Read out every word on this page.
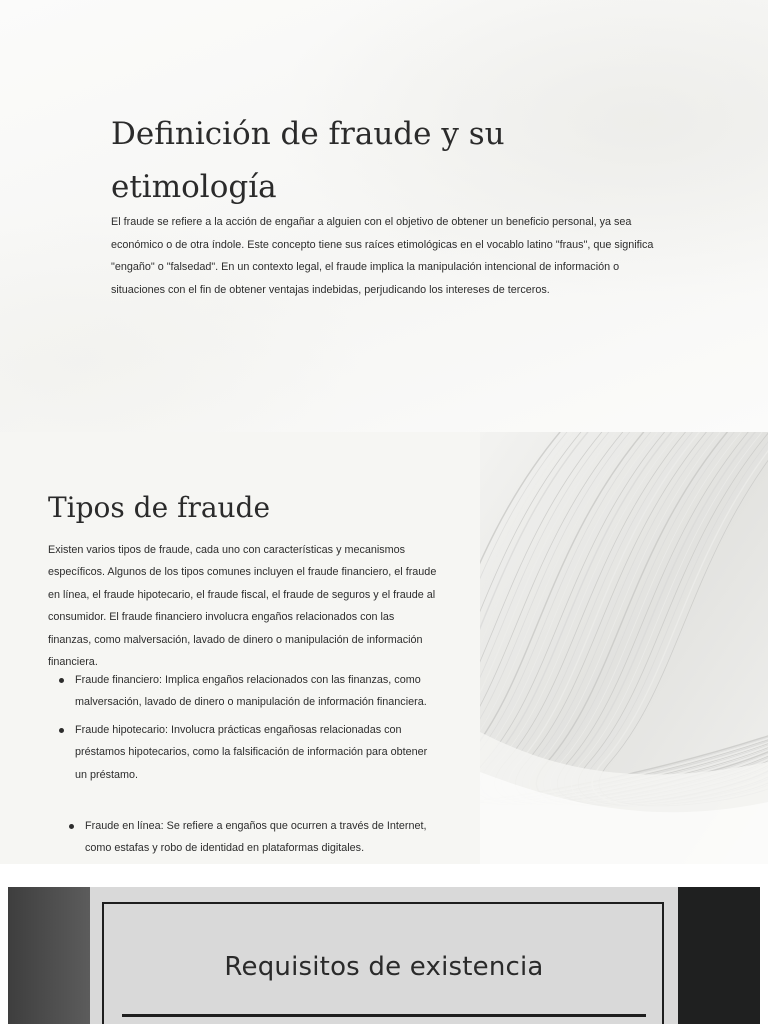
Definición de fraude y su etimología

El fraude se refiere a la acción de engañar a alguien con el objetivo de obtener un beneficio personal, ya sea económico o de otra índole. Este concepto tiene sus raíces etimológicas en el vocablo latino "fraus", que significa "engaño" o "falsedad". En un contexto legal, el fraude implica la manipulación intencional de información o situaciones con el fin de obtener ventajas indebidas, perjudicando los intereses de terceros.

Tipos de fraude

Existen varios tipos de fraude, cada uno con características y mecanismos específicos. Algunos de los tipos comunes incluyen el fraude financiero, el fraude en línea, el fraude hipotecario, el fraude fiscal, el fraude de seguros y el fraude al consumidor. El fraude financiero involucra engaños relacionados con las finanzas, como malversación, lavado de dinero o manipulación de información financiera.

Fraude financiero: Implica engaños relacionados con las finanzas, como malversación, lavado de dinero o manipulación de información financiera.
Fraude hipotecario: Involucra prácticas engañosas relacionadas con préstamos hipotecarios, como la falsificación de información para obtener un préstamo.
Fraude en línea: Se refiere a engaños que ocurren a través de Internet, como estafas y robo de identidad en plataformas digitales.
Requisitos de existencia
